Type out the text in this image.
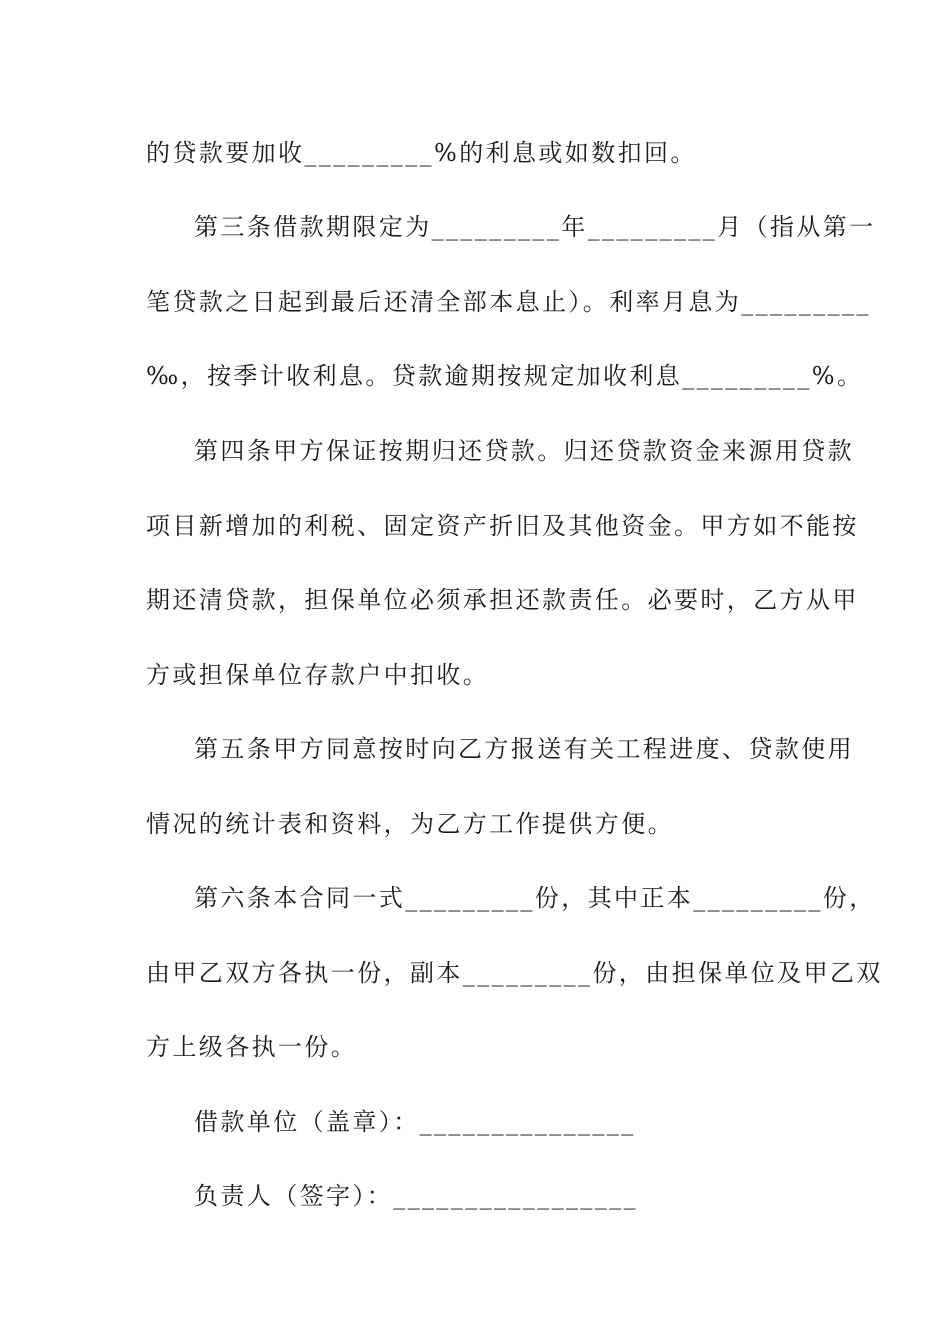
的贷款要加收_________%的利息或如数扣回。
第三条借款期限定为_________年_________月（指从第一
笔贷款之日起到最后还清全部本息止）。利率月息为_________
‰，按季计收利息。贷款逾期按规定加收利息_________%。
第四条甲方保证按期归还贷款。归还贷款资金来源用贷款
项目新增加的利税、固定资产折旧及其他资金。甲方如不能按
期还清贷款，担保单位必须承担还款责任。必要时，乙方从甲
方或担保单位存款户中扣收。
第五条甲方同意按时向乙方报送有关工程进度、贷款使用
情况的统计表和资料，为乙方工作提供方便。
第六条本合同一式_________份，其中正本_________份，
由甲乙双方各执一份，副本_________份，由担保单位及甲乙双
方上级各执一份。
借款单位（盖章）：_______________
负责人（签字）：_________________
